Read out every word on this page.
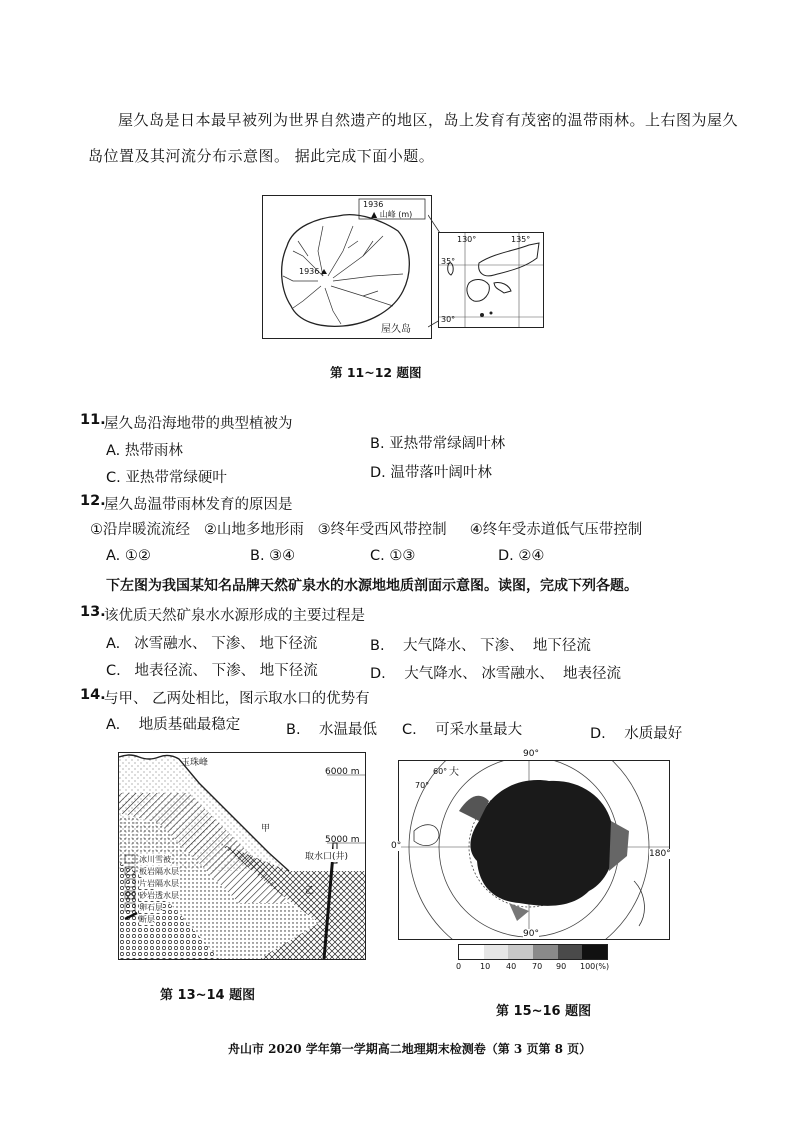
屋久岛是日本最早被列为世界自然遗产的地区，岛上发育有茂密的温带雨林。上右图为屋久
岛位置及其河流分布示意图。 据此完成下面小题。
1936
▲ 山峰 (m)
1936
屋久岛
130°	135°
35°
30°
第 11~12 题图
11.
屋久岛沿海地带的典型植被为
A. 热带雨林	B. 亚热带常绿阔叶林
C. 亚热带常绿硬叶	D. 温带落叶阔叶林
12.
屋久岛温带雨林发育的原因是
①沿岸暖流流经   ②山地多地形雨   ③终年受西风带控制     ④终年受赤道低气压带控制
A. ①②	B. ③④	C. ①③	D. ②④
下左图为我国某知名品牌天然矿泉水的水源地地质剖面示意图。读图，完成下列各题。
13.
该优质天然矿泉水水源形成的主要过程是
A.   冰雪融水、 下渗、 地下径流	B.    大气降水、 下渗、  地下径流
C.   地表径流、 下渗、 地下径流	D.    大气降水、 冰雪融水、  地表径流
14.
与甲、 乙两处相比，图示取水口的优势有
A.    地质基础最稳定	B.    水温最低 C.    可采水量最大	D.    水质最好
玉珠峰
6000 m
5000 m
甲
乙
取水口(井)
冰川雪被
板岩隔水层
片岩隔水层
砂岩透水层
卵石层
断层
第 13~14 题图
90°
90°
0°
180°
70°
60° 大
0 10 40 70 90 100(%)
第 15~16 题图
舟山市 2020 学年第一学期高二地理期末检测卷（第 3 页第 8 页）
